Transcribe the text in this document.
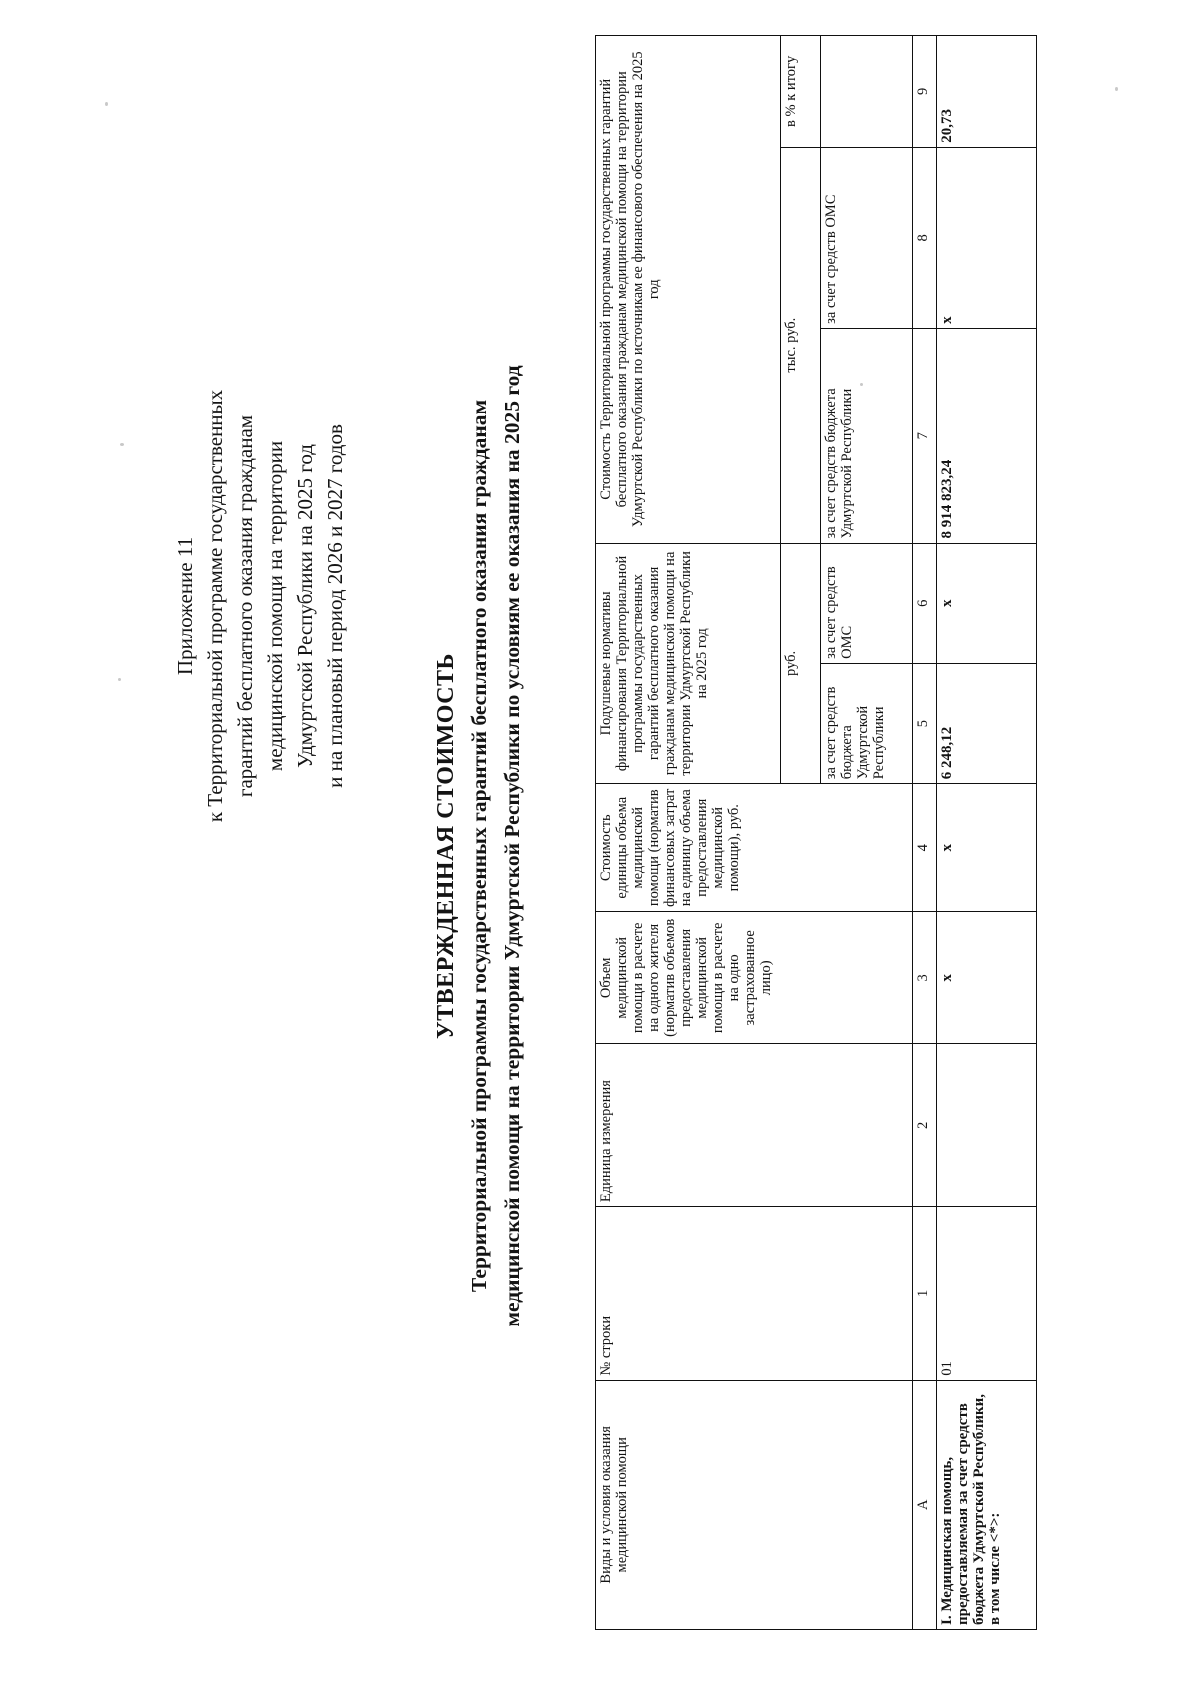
Приложение 11 к Территориальной программе государственных гарантий бесплатного оказания гражданам медицинской помощи на территории Удмуртской Республики на 2025 год и на плановый период 2026 и 2027 годов
УТВЕРЖДЕННАЯ СТОИМОСТЬ Территориальной программы государственных гарантий бесплатного оказания гражданам медицинской помощи на территории Удмуртской Республики по условиям ее оказания на 2025 год
Виды и условия оказания медицинской помощи	№ строки	Единица измерения	Объем медицинской помощи в расчете на одного жителя (норматив объемов предоставления медицинской помощи в расчете на одно застрахованное лицо)	Стоимость единицы объема медицинской помощи (норматив финансовых затрат на единицу объема предоставления медицинской помощи), руб.	Подушевые нормативы финансирования Территориальной программы государственных гарантий бесплатного оказания гражданам медицинской помощи на территории Удмуртской Республики на 2025 год		Стоимость Территориальной программы государственных гарантий бесплатного оказания гражданам медицинской помощи на территории Удмуртской Республики по источникам ее финансового обеспечения на 2025 год		
					руб.		тыс. руб.		в % к итогу
					за счет средств бюджета Удмуртской Республики	за счет средств ОМС	за счет средств бюджета Удмуртской Республики	за счет средств ОМС	
А	1	2	3	4	5	6	7	8	9
I. Медицинская помощь, предоставляемая за счет средств бюджета Удмуртской Республики, в том числе <*>:	01		х	х	6 248,12	х	8 914 823,24	х	20,73
